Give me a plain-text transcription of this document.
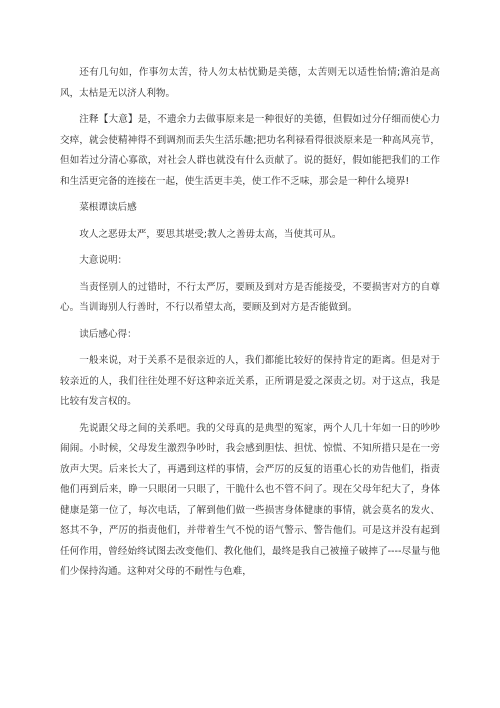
还有几句如，作事勿太苦，待人勿太枯忧勤是美德，太苦则无以适性怡情;澹泊是高风，太枯是无以济人利物。

注释【大意】是，不遗余力去做事原来是一种很好的美德，但假如过分仔细而使心力交瘁，就会使精神得不到调剂而丢失生活乐趣;把功名利禄看得很淡原来是一种高风亮节，但如若过分清心寡欲，对社会人群也就没有什么贡献了。说的挺好，假如能把我们的工作和生活更完备的连接在一起，使生活更丰美，使工作不乏味，那会是一种什么境界!

菜根谭读后感

攻人之恶毋太严，要思其堪受;教人之善毋太高，当使其可从。

大意说明：

当责怪别人的过错时，不行太严厉，要顾及到对方是否能接受，不要损害对方的自尊心。当训诲别人行善时，不行以希望太高，要顾及到对方是否能做到。

读后感心得：

一般来说，对于关系不是很亲近的人，我们都能比较好的保持肯定的距离。但是对于较亲近的人，我们往往处理不好这种亲近关系，正所谓是爱之深责之切。对于这点，我是比较有发言权的。

先说跟父母之间的关系吧。我的父母真的是典型的冤家，两个人几十年如一日的吵吵闹闹。小时候，父母发生激烈争吵时，我会感到胆怯、担忧、惊慌、不知所措只是在一旁放声大哭。后来长大了，再遇到这样的事情，会严厉的反复的语重心长的劝告他们，指责他们再到后来，睁一只眼闭一只眼了，干脆什么也不管不问了。现在父母年纪大了，身体健康是第一位了，每次电话，了解到他们做一些损害身体健康的事情，就会莫名的发火、怒其不争，严厉的指责他们，并带着生气不悦的语气警示、警告他们。可是这并没有起到任何作用，曾经始终试图去改变他们、教化他们，最终是我自己被撞子破摔了----尽量与他们少保持沟通。这种对父母的不耐性与色难，
